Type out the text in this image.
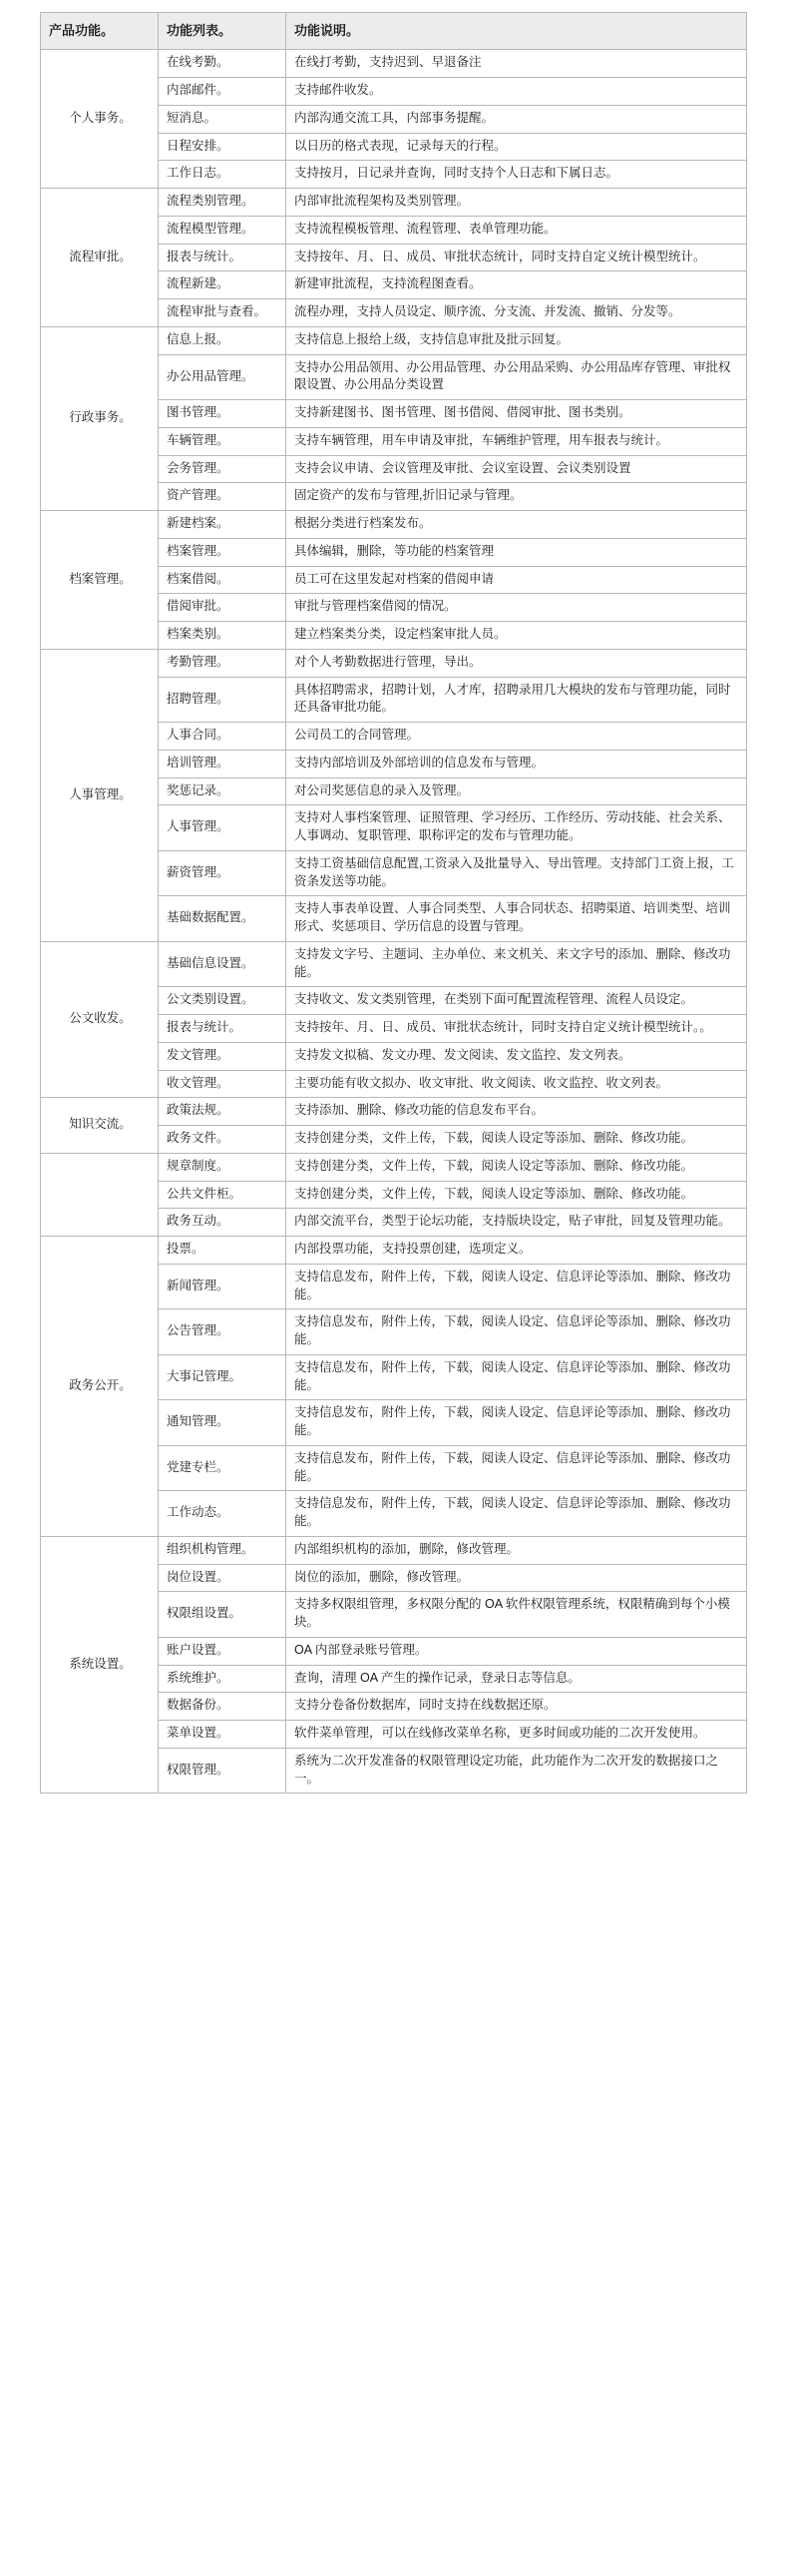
产品功能。	功能列表。	功能说明。
个人事务。	在线考勤。	在线打考勤，支持迟到、早退备注
	内部邮件。	支持邮件收发。
	短消息。	内部沟通交流工具，内部事务提醒。
	日程安排。	以日历的格式表现，记录每天的行程。
	工作日志。	支持按月，日记录并查询，同时支持个人日志和下属日志。
流程审批。	流程类别管理。	内部审批流程架构及类别管理。
	流程模型管理。	支持流程模板管理、流程管理、表单管理功能。
	报表与统计。	支持按年、月、日、成员、审批状态统计，同时支持自定义统计模型统计。
	流程新建。	新建审批流程，支持流程图查看。
	流程审批与查看。	流程办理，支持人员设定、顺序流、分支流、并发流、撤销、分发等。
行政事务。	信息上报。	支持信息上报给上级，支持信息审批及批示回复。
	办公用品管理。	支持办公用品领用、办公用品管理、办公用品采购、办公用品库存管理、审批权限设置、办公用品分类设置
	图书管理。	支持新建图书、图书管理、图书借阅、借阅审批、图书类别。
	车辆管理。	支持车辆管理，用车申请及审批，车辆维护管理，用车报表与统计。
	会务管理。	支持会议申请、会议管理及审批、会议室设置、会议类别设置
	资产管理。	固定资产的发布与管理,折旧记录与管理。
档案管理。	新建档案。	根据分类进行档案发布。
	档案管理。	具体编辑，删除，等功能的档案管理
	档案借阅。	员工可在这里发起对档案的借阅申请
	借阅审批。	审批与管理档案借阅的情况。
	档案类别。	建立档案类分类，设定档案审批人员。
人事管理。	考勤管理。	对个人考勤数据进行管理，导出。
	招聘管理。	具体招聘需求，招聘计划，人才库，招聘录用几大模块的发布与管理功能，同时还具备审批功能。
	人事合同。	公司员工的合同管理。
	培训管理。	支持内部培训及外部培训的信息发布与管理。
	奖惩记录。	对公司奖惩信息的录入及管理。
	人事管理。	支持对人事档案管理、证照管理、学习经历、工作经历、劳动技能、社会关系、人事调动、复职管理、职称评定的发布与管理功能。
	薪资管理。	支持工资基础信息配置,工资录入及批量导入、导出管理。支持部门工资上报，工资条发送等功能。
	基础数据配置。	支持人事表单设置、人事合同类型、人事合同状态、招聘渠道、培训类型、培训形式、奖惩项目、学历信息的设置与管理。
公文收发。	基础信息设置。	支持发文字号、主题词、主办单位、来文机关、来文字号的添加、删除、修改功能。
	公文类别设置。	支持收文、发文类别管理，在类别下面可配置流程管理、流程人员设定。
	报表与统计。	支持按年、月、日、成员、审批状态统计，同时支持自定义统计模型统计。。
	发文管理。	支持发文拟稿、发文办理、发文阅读、发文监控、发文列表。
	收文管理。	主要功能有收文拟办、收文审批、收文阅读、收文监控、收文列表。
知识交流。	政策法规。	支持添加、删除、修改功能的信息发布平台。
	政务文件。	支持创建分类，文件上传，下载，阅读人设定等添加、删除、修改功能。
	规章制度。	支持创建分类，文件上传，下载，阅读人设定等添加、删除、修改功能。
	公共文件柜。	支持创建分类，文件上传，下载，阅读人设定等添加、删除、修改功能。
	政务互动。	内部交流平台，类型于论坛功能，支持版块设定，贴子审批，回复及管理功能。
政务公开。	投票。	内部投票功能，支持投票创建，选项定义。
	新闻管理。	支持信息发布，附件上传，下载，阅读人设定、信息评论等添加、删除、修改功能。
	公告管理。	支持信息发布，附件上传，下载，阅读人设定、信息评论等添加、删除、修改功能。
	大事记管理。	支持信息发布，附件上传，下载，阅读人设定、信息评论等添加、删除、修改功能。
	通知管理。	支持信息发布，附件上传，下载，阅读人设定、信息评论等添加、删除、修改功能。
	党建专栏。	支持信息发布，附件上传，下载，阅读人设定、信息评论等添加、删除、修改功能。
	工作动态。	支持信息发布，附件上传，下载，阅读人设定、信息评论等添加、删除、修改功能。
系统设置。	组织机构管理。	内部组织机构的添加，删除，修改管理。
	岗位设置。	岗位的添加，删除，修改管理。
	权限组设置。	支持多权限组管理，多权限分配的 OA 软件权限管理系统，权限精确到每个小模块。
	账户设置。	OA 内部登录账号管理。
	系统维护。	查询，清理 OA 产生的操作记录，登录日志等信息。
	数据备份。	支持分卷备份数据库，同时支持在线数据还原。
	菜单设置。	软件菜单管理，可以在线修改菜单名称，更多时间或功能的二次开发使用。
	权限管理。	系统为二次开发准备的权限管理设定功能，此功能作为二次开发的数据接口之一。
